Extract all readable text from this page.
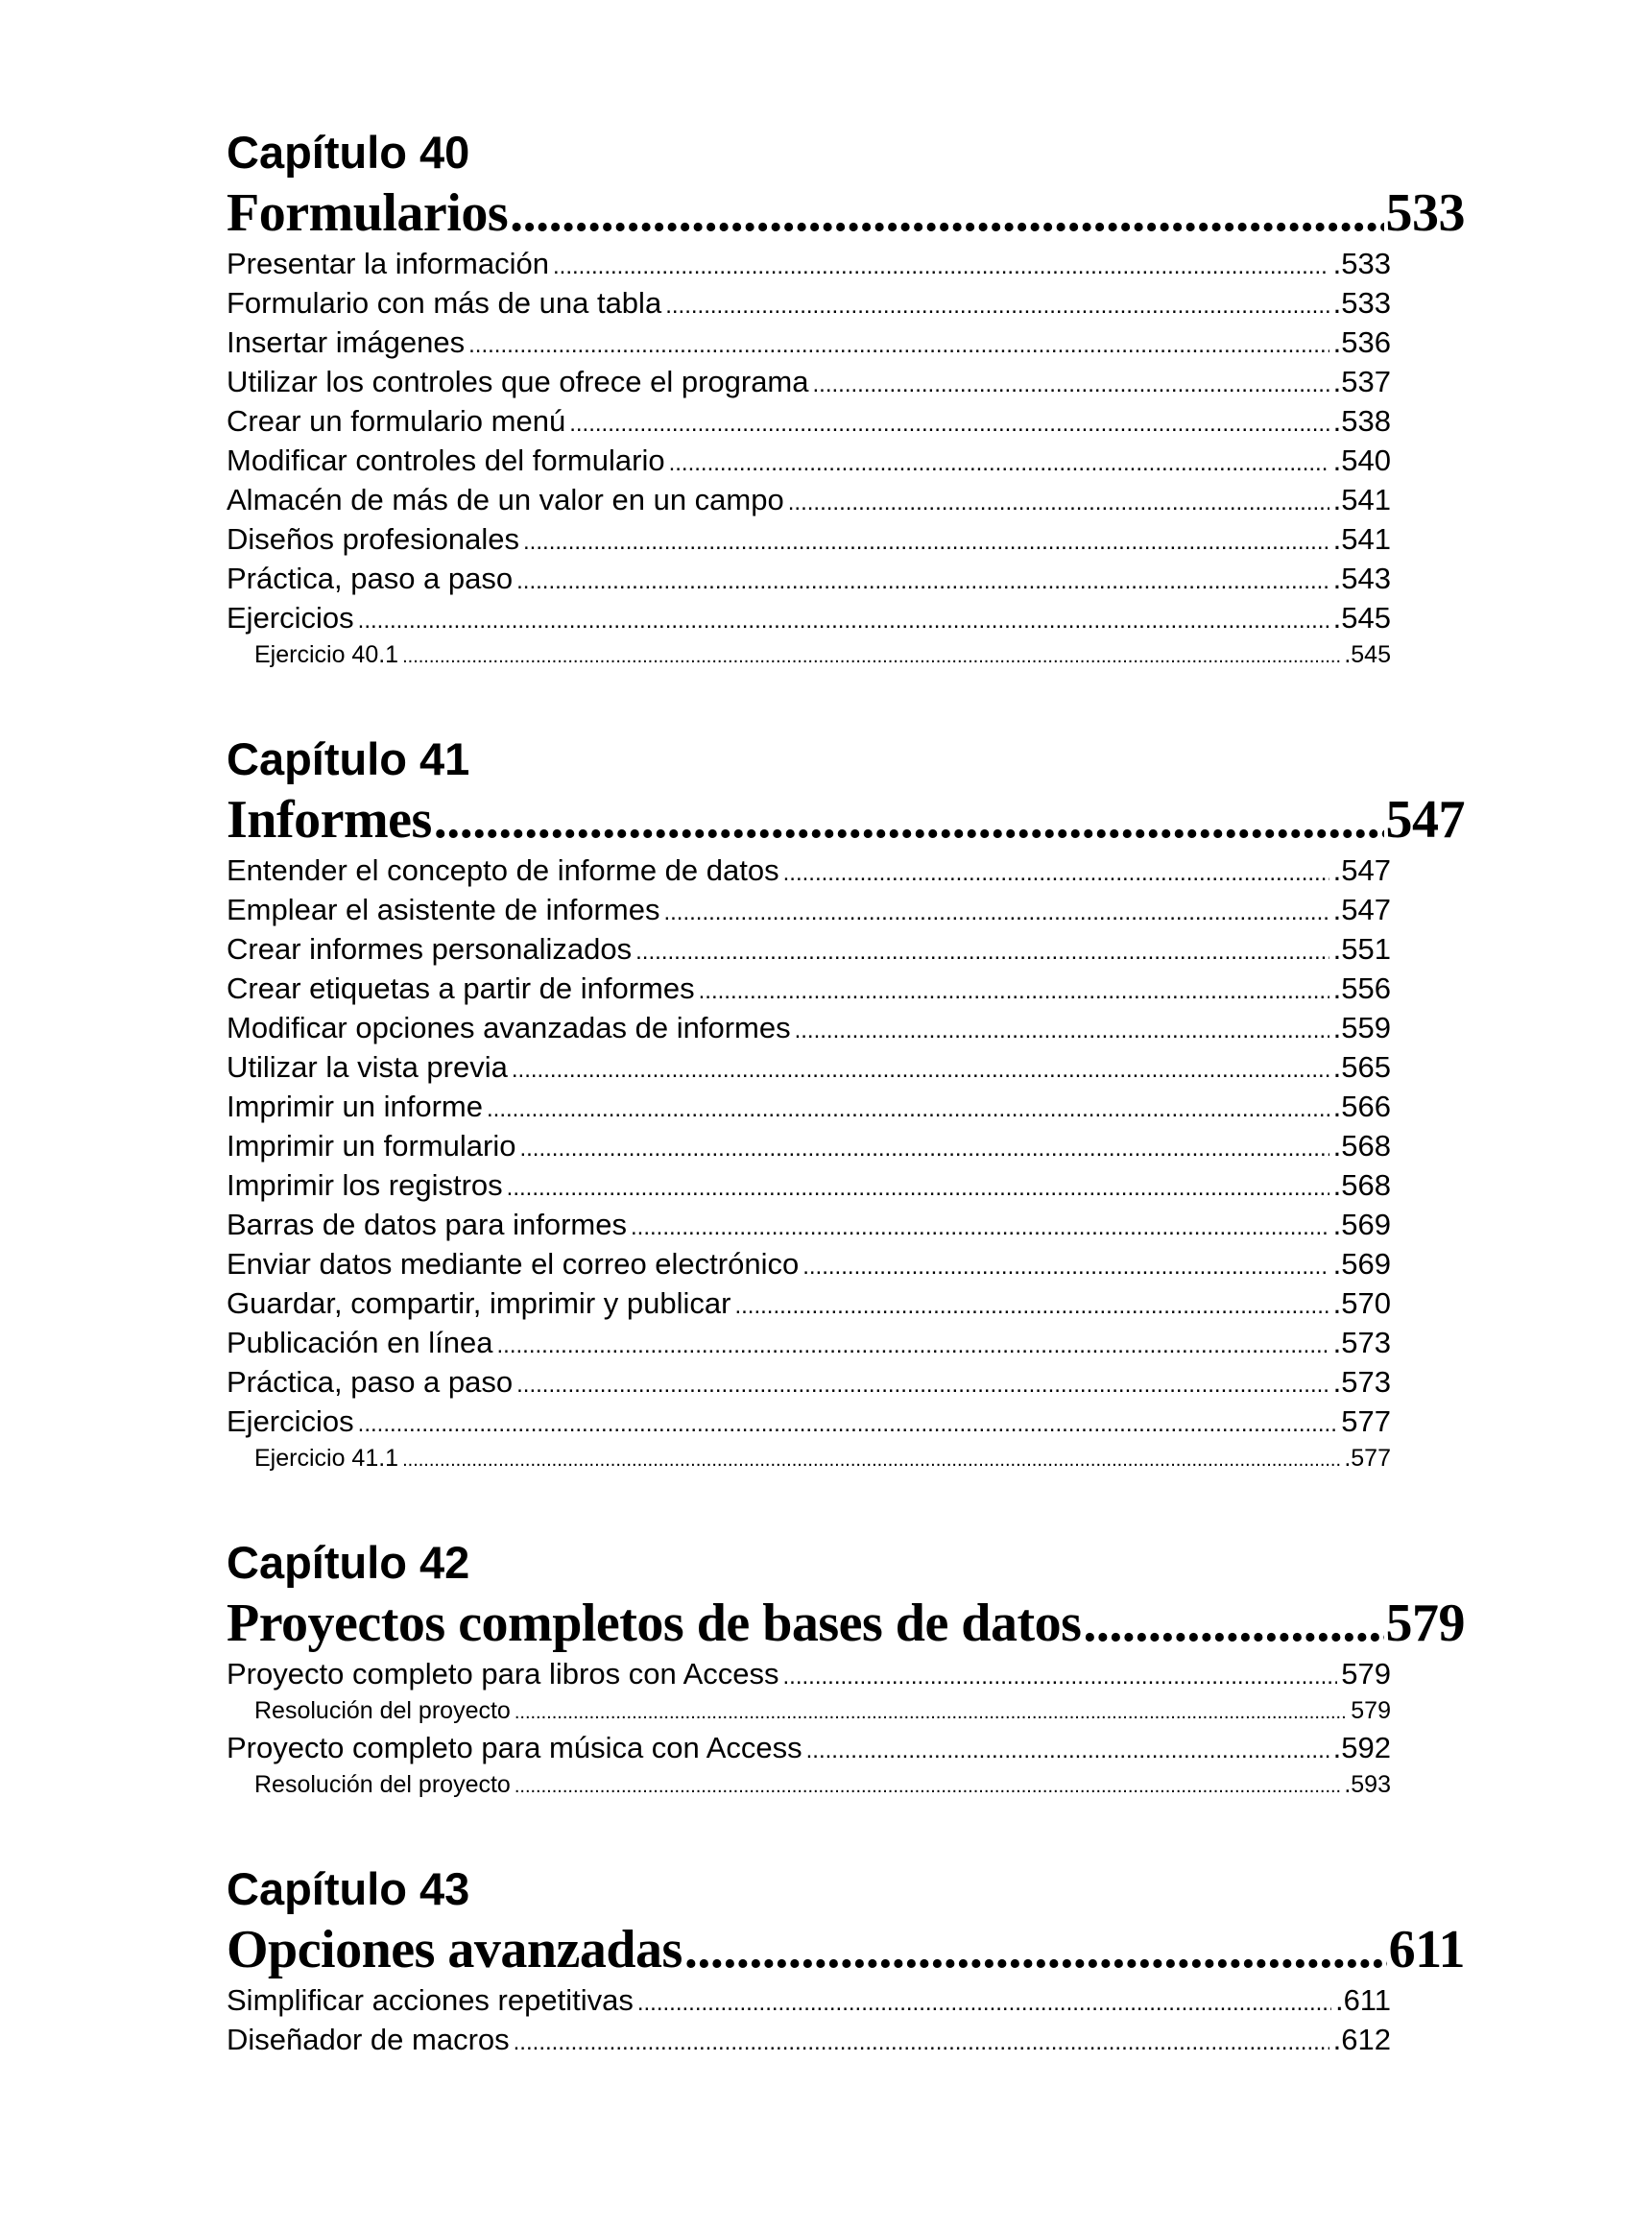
Capítulo 40
Formularios .....	533
Presentar la información .....	.533
Formulario con más de una tabla .....	.533
Insertar imágenes .....	.536
Utilizar los controles que ofrece el programa .....	.537
Crear un formulario menú .....	.538
Modificar controles del formulario .....	.540
Almacén de más de un valor en un campo .....	.541
Diseños profesionales .....	.541
Práctica, paso a paso .....	.543
Ejercicios .....	.545
Ejercicio 40.1 .....	.545
Capítulo 41
Informes .....	547
Entender el concepto de informe de datos .....	.547
Emplear el asistente de informes .....	.547
Crear informes personalizados .....	.551
Crear etiquetas a partir de informes .....	.556
Modificar opciones avanzadas de informes .....	.559
Utilizar la vista previa .....	.565
Imprimir un informe .....	.566
Imprimir un formulario .....	.568
Imprimir los registros .....	.568
Barras de datos para informes .....	.569
Enviar datos mediante el correo electrónico .....	.569
Guardar, compartir, imprimir y publicar .....	.570
Publicación en línea .....	.573
Práctica, paso a paso .....	.573
Ejercicios .....	577
Ejercicio 41.1 .....	.577
Capítulo 42
Proyectos completos de bases de datos .....	579
Proyecto completo para libros con Access .....	579
Resolución del proyecto .....	579
Proyecto completo para música con Access .....	.592
Resolución del proyecto .....	.593
Capítulo 43
Opciones avanzadas .....	611
Simplificar acciones repetitivas .....	.611
Diseñador de macros .....	.612
